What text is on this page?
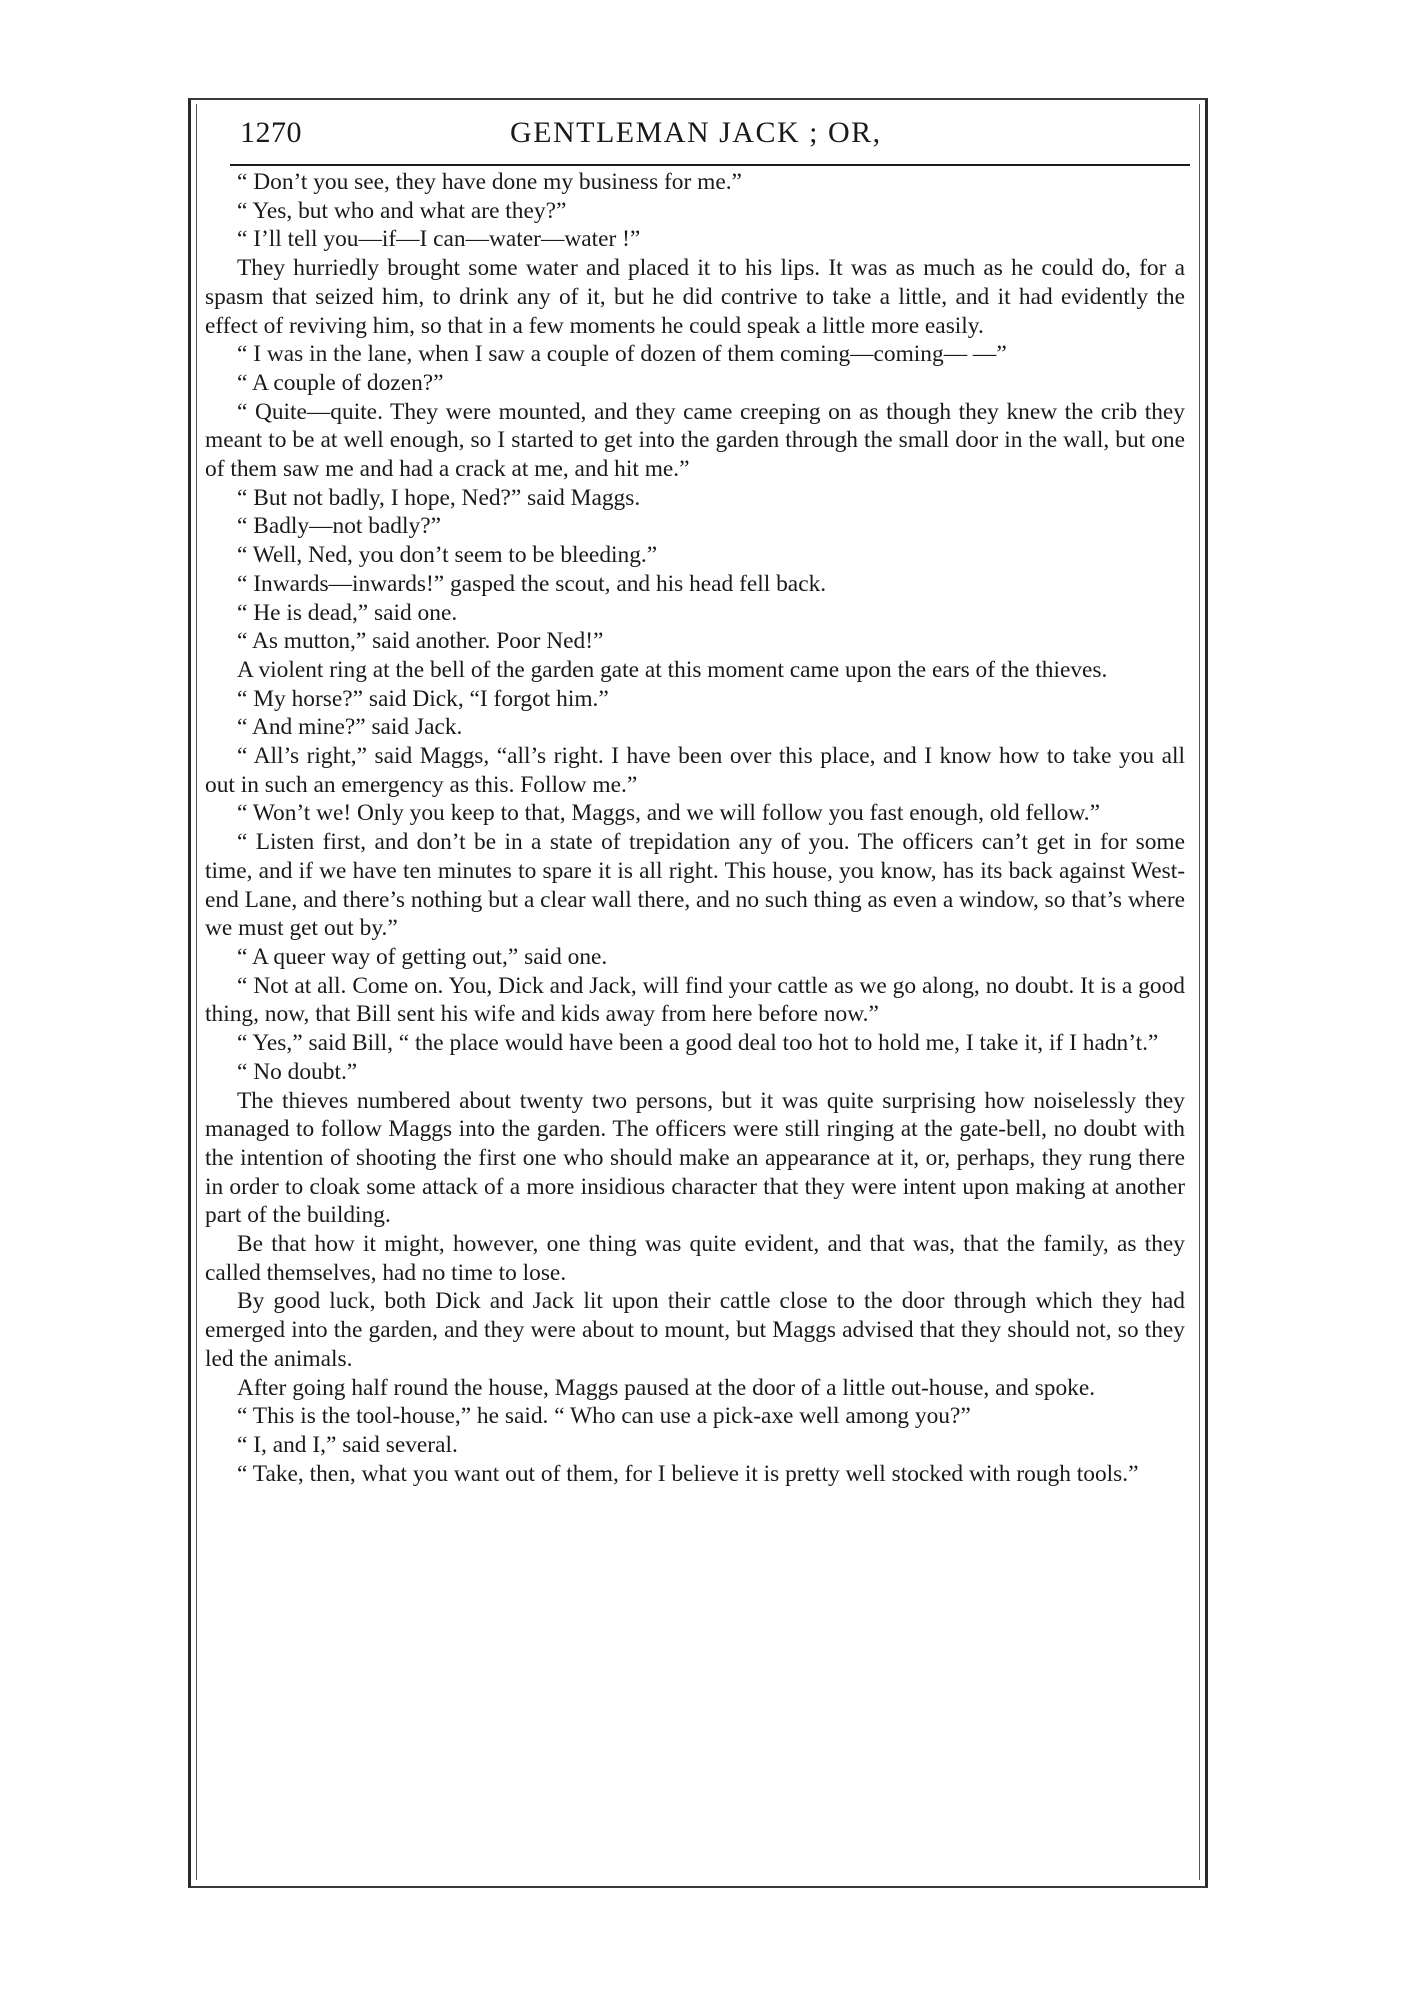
1270	GENTLEMAN JACK ; OR,

“ Don’t you see, they have done my business for me.”

“ Yes, but who and what are they?”

“ I’ll tell you—if—I can—water—water !”

They hurriedly brought some water and placed it to his lips. It was as much as he could do, for a spasm that seized him, to drink any of it, but he did contrive to take a little, and it had evidently the effect of reviving him, so that in a few moments he could speak a little more easily.

“ I was in the lane, when I saw a couple of dozen of them coming—coming— —”

“ A couple of dozen?”

“ Quite—quite. They were mounted, and they came creeping on as though they knew the crib they meant to be at well enough, so I started to get into the garden through the small door in the wall, but one of them saw me and had a crack at me, and hit me.”

“ But not badly, I hope, Ned?” said Maggs.

“ Badly—not badly?”

“ Well, Ned, you don’t seem to be bleeding.”

“ Inwards—inwards!” gasped the scout, and his head fell back.

“ He is dead,” said one.

“ As mutton,” said another. Poor Ned!”

A violent ring at the bell of the garden gate at this moment came upon the ears of the thieves.

“ My horse?” said Dick, “I forgot him.”

“ And mine?” said Jack.

“ All’s right,” said Maggs, “all’s right. I have been over this place, and I know how to take you all out in such an emergency as this. Follow me.”

“ Won’t we! Only you keep to that, Maggs, and we will follow you fast enough, old fellow.”

“ Listen first, and don’t be in a state of trepidation any of you. The officers can’t get in for some time, and if we have ten minutes to spare it is all right. This house, you know, has its back against West-end Lane, and there’s nothing but a clear wall there, and no such thing as even a window, so that’s where we must get out by.”

“ A queer way of getting out,” said one.

“ Not at all. Come on. You, Dick and Jack, will find your cattle as we go along, no doubt. It is a good thing, now, that Bill sent his wife and kids away from here before now.”

“ Yes,” said Bill, “ the place would have been a good deal too hot to hold me, I take it, if I hadn’t.”

“ No doubt.”

The thieves numbered about twenty two persons, but it was quite surprising how noiselessly they managed to follow Maggs into the garden. The officers were still ringing at the gate-bell, no doubt with the intention of shooting the first one who should make an appearance at it, or, perhaps, they rung there in order to cloak some attack of a more insidious character that they were intent upon making at another part of the building.

Be that how it might, however, one thing was quite evident, and that was, that the family, as they called themselves, had no time to lose.

By good luck, both Dick and Jack lit upon their cattle close to the door through which they had emerged into the garden, and they were about to mount, but Maggs advised that they should not, so they led the animals.

After going half round the house, Maggs paused at the door of a little out-house, and spoke.

“ This is the tool-house,” he said. “ Who can use a pick-axe well among you?”

“ I, and I,” said several.

“ Take, then, what you want out of them, for I believe it is pretty well stocked with rough tools.”
